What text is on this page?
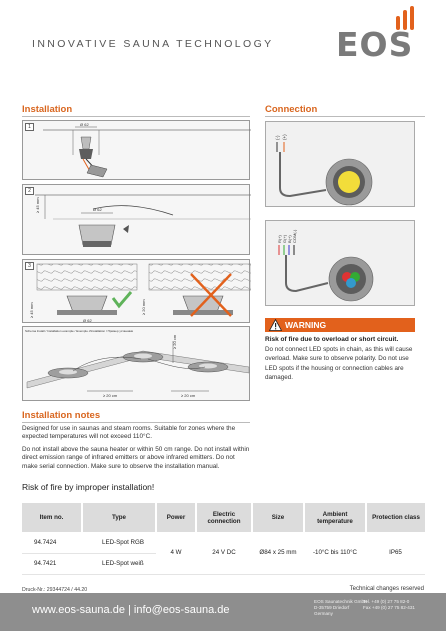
INNOVATIVE SAUNA TECHNOLOGY EOS
Installation	Connection
1	Ø 62
2
≥ 45 mm	Ø 62
3
≥ 45 mm
Ø 62
≥ 20 mm
Schema Install / Installation example / Exemple d'installation / Пример установки
≥ 20 cm	≥ 20 cm
≥ 20 cm
(-) (+)
R(+) G(+) B(+) COM(-)
WARNING
Risk of fire due to overload or short circuit.
Do not connect LED spots in chain, as this will cause overload. Make sure to observe polarity. Do not use LED spots if the housing or connection cables are damaged.
Installation notes
Designed for use in saunas and steam rooms. Suitable for zones where the expected temperatures will not exceed 110°C.
Do not install above the sauna heater or within 50 cm range. Do not install within direct emission range of infrared emitters or above infrared emitters. Do not make serial connection. Make sure to observe the installation manual.
Risk of fire by improper installation!
Item no.	Type	Power	Electric connection	Size	Ambient temperature	Protection class
94.7424	LED-Spot RGB	4 W	24 V DC	Ø84 x 25 mm	-10°C bis 110°C	IP65
94.7421	LED-Spot weiß					
Druck-Nr.: 29344724 / 44.20	Technical changes reserved
www.eos-sauna.de | info@eos-sauna.de
EOS Saunatechnik GmbH
D-35759 Driedorf
Germany
Tel. +49 (0) 27 75 82-0
Fax +49 (0) 27 75 82-431
